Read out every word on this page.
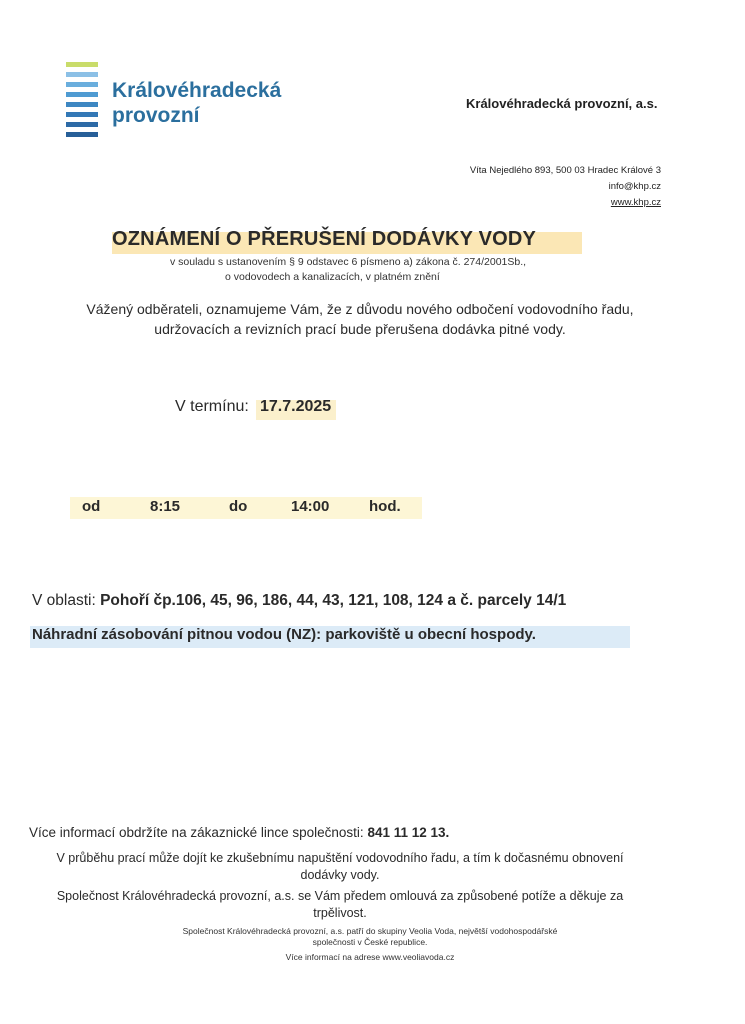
Královéhradecká
provozní
Královéhradecká provozní, a.s.
Víta Nejedlého 893, 500 03 Hradec Králové 3
info@khp.cz
www.khp.cz
OZNÁMENÍ O PŘERUŠENÍ DODÁVKY VODY
v souladu s ustanovením § 9 odstavec 6 písmeno a) zákona č. 274/2001Sb.,
o vodovodech a kanalizacích, v platném znění
Vážený odběrateli, oznamujeme Vám, že z důvodu nového odbočení vodovodního řadu,
udržovacích a revizních prací bude přerušena dodávka pitné vody.
V termínu: 17.7.2025
od	8:15	do	14:00	hod.
V oblasti: Pohoří čp.106, 45, 96, 186, 44, 43, 121, 108, 124 a č. parcely 14/1
Náhradní zásobování pitnou vodou (NZ): parkoviště u obecní hospody.
Více informací obdržíte na zákaznické lince společnosti: 841 11 12 13.
V průběhu prací může dojít ke zkušebnímu napuštění vodovodního řadu, a tím k dočasnému obnovení
dodávky vody.
Společnost Královéhradecká provozní, a.s. se Vám předem omlouvá za způsobené potíže a děkuje za
trpělivost.
Společnost Královéhradecká provozní, a.s. patří do skupiny Veolia Voda, největší vodohospodářské
společnosti v České republice.
Více informací na adrese www.veoliavoda.cz
